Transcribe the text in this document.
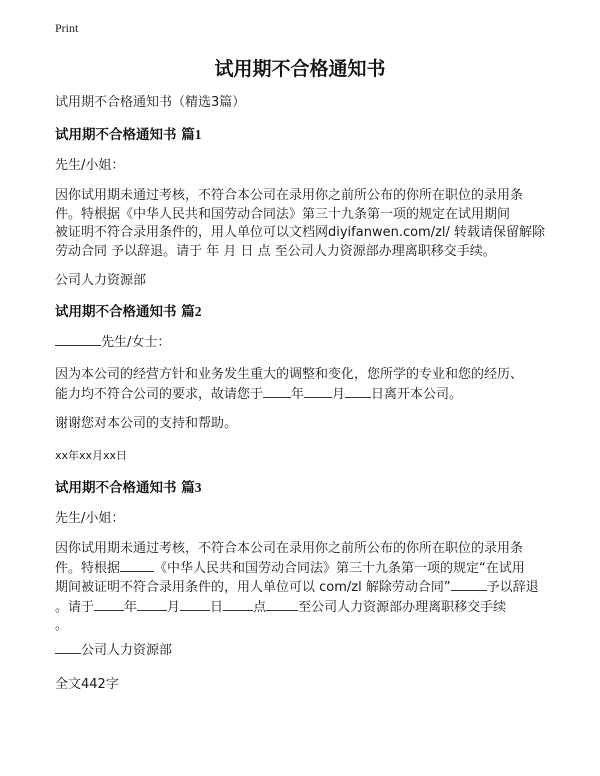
Print
试用期不合格通知书
试用期不合格通知书（精选3篇）
试用期不合格通知书 篇1
先生/小姐：
因你试用期未通过考核，不符合本公司在录用你之前所公布的你所在职位的录用条
件。特根据《中华人民共和国劳动合同法》第三十九条第一项的规定在试用期间
被证明不符合录用条件的，用人单位可以文档网diyifanwen.com/zl/ 转载请保留解除
劳动合同 予以辞退。请于 年 月 日 点 至公司人力资源部办理离职移交手续。
公司人力资源部
试用期不合格通知书 篇2
先生/女士：
因为本公司的经营方针和业务发生重大的调整和变化，您所学的专业和您的经历、
能力均不符合公司的要求，故请您于 年 月 日离开本公司。
谢谢您对本公司的支持和帮助。
xx年xx月xx日
试用期不合格通知书 篇3
先生/小姐：
因你试用期未通过考核，不符合本公司在录用你之前所公布的你所在职位的录用条
件。特根据	《中华人民共和国劳动合同法》第三十九条第一项的规定“在试用
期间被证明不符合录用条件的，用人单位可以 com/zl 解除劳动合同”	予以辞退
。请于 年 月 日 点 至公司人力资源部办理离职移交手续
。
公司人力资源部
全文442字
